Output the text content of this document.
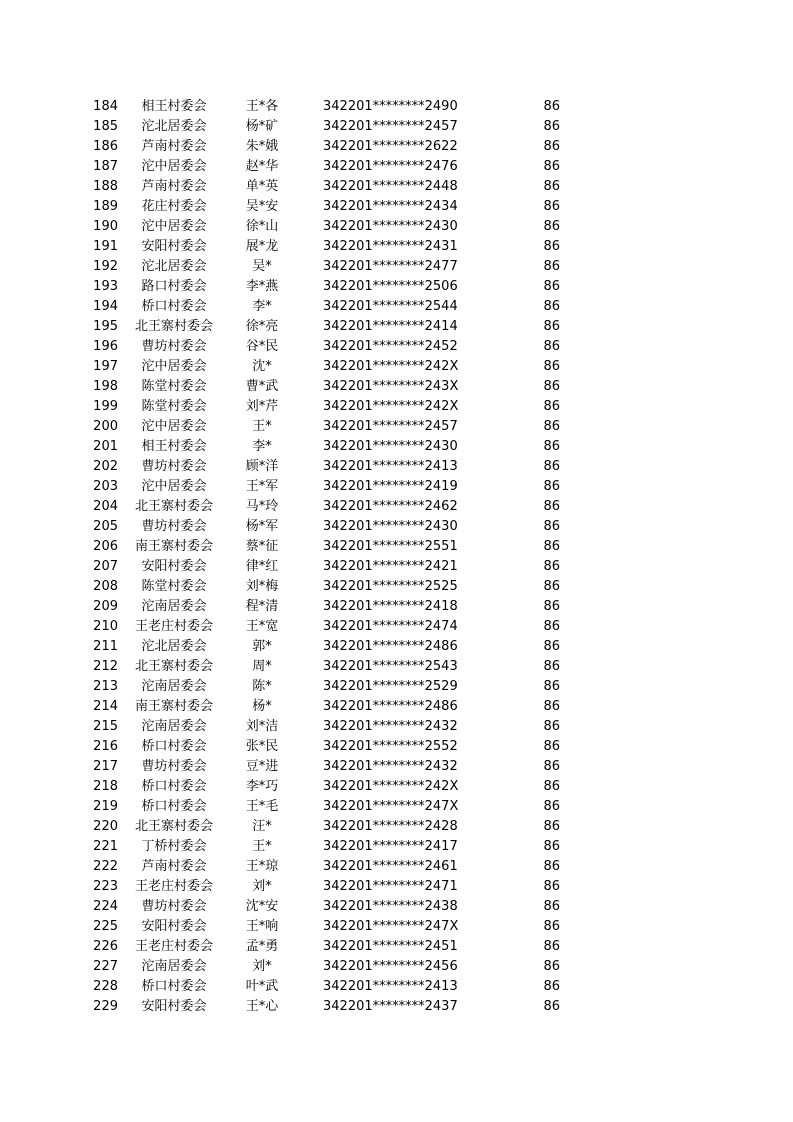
184	相王村委会	王*各	342201********2490	86
185	沱北居委会	杨*矿	342201********2457	86
186	芦南村委会	朱*娥	342201********2622	86
187	沱中居委会	赵*华	342201********2476	86
188	芦南村委会	单*英	342201********2448	86
189	花庄村委会	吴*安	342201********2434	86
190	沱中居委会	徐*山	342201********2430	86
191	安阳村委会	展*龙	342201********2431	86
192	沱北居委会	吴*	342201********2477	86
193	路口村委会	李*燕	342201********2506	86
194	桥口村委会	李*	342201********2544	86
195	北王寨村委会	徐*亮	342201********2414	86
196	曹坊村委会	谷*民	342201********2452	86
197	沱中居委会	沈*	342201********242X	86
198	陈堂村委会	曹*武	342201********243X	86
199	陈堂村委会	刘*芹	342201********242X	86
200	沱中居委会	王*	342201********2457	86
201	相王村委会	李*	342201********2430	86
202	曹坊村委会	顾*洋	342201********2413	86
203	沱中居委会	王*军	342201********2419	86
204	北王寨村委会	马*玲	342201********2462	86
205	曹坊村委会	杨*军	342201********2430	86
206	南王寨村委会	蔡*征	342201********2551	86
207	安阳村委会	律*红	342201********2421	86
208	陈堂村委会	刘*梅	342201********2525	86
209	沱南居委会	程*清	342201********2418	86
210	王老庄村委会	王*宽	342201********2474	86
211	沱北居委会	郭*	342201********2486	86
212	北王寨村委会	周*	342201********2543	86
213	沱南居委会	陈*	342201********2529	86
214	南王寨村委会	杨*	342201********2486	86
215	沱南居委会	刘*洁	342201********2432	86
216	桥口村委会	张*民	342201********2552	86
217	曹坊村委会	豆*进	342201********2432	86
218	桥口村委会	李*巧	342201********242X	86
219	桥口村委会	王*毛	342201********247X	86
220	北王寨村委会	汪*	342201********2428	86
221	丁桥村委会	王*	342201********2417	86
222	芦南村委会	王*琼	342201********2461	86
223	王老庄村委会	刘*	342201********2471	86
224	曹坊村委会	沈*安	342201********2438	86
225	安阳村委会	王*响	342201********247X	86
226	王老庄村委会	孟*勇	342201********2451	86
227	沱南居委会	刘*	342201********2456	86
228	桥口村委会	叶*武	342201********2413	86
229	安阳村委会	王*心	342201********2437	86
